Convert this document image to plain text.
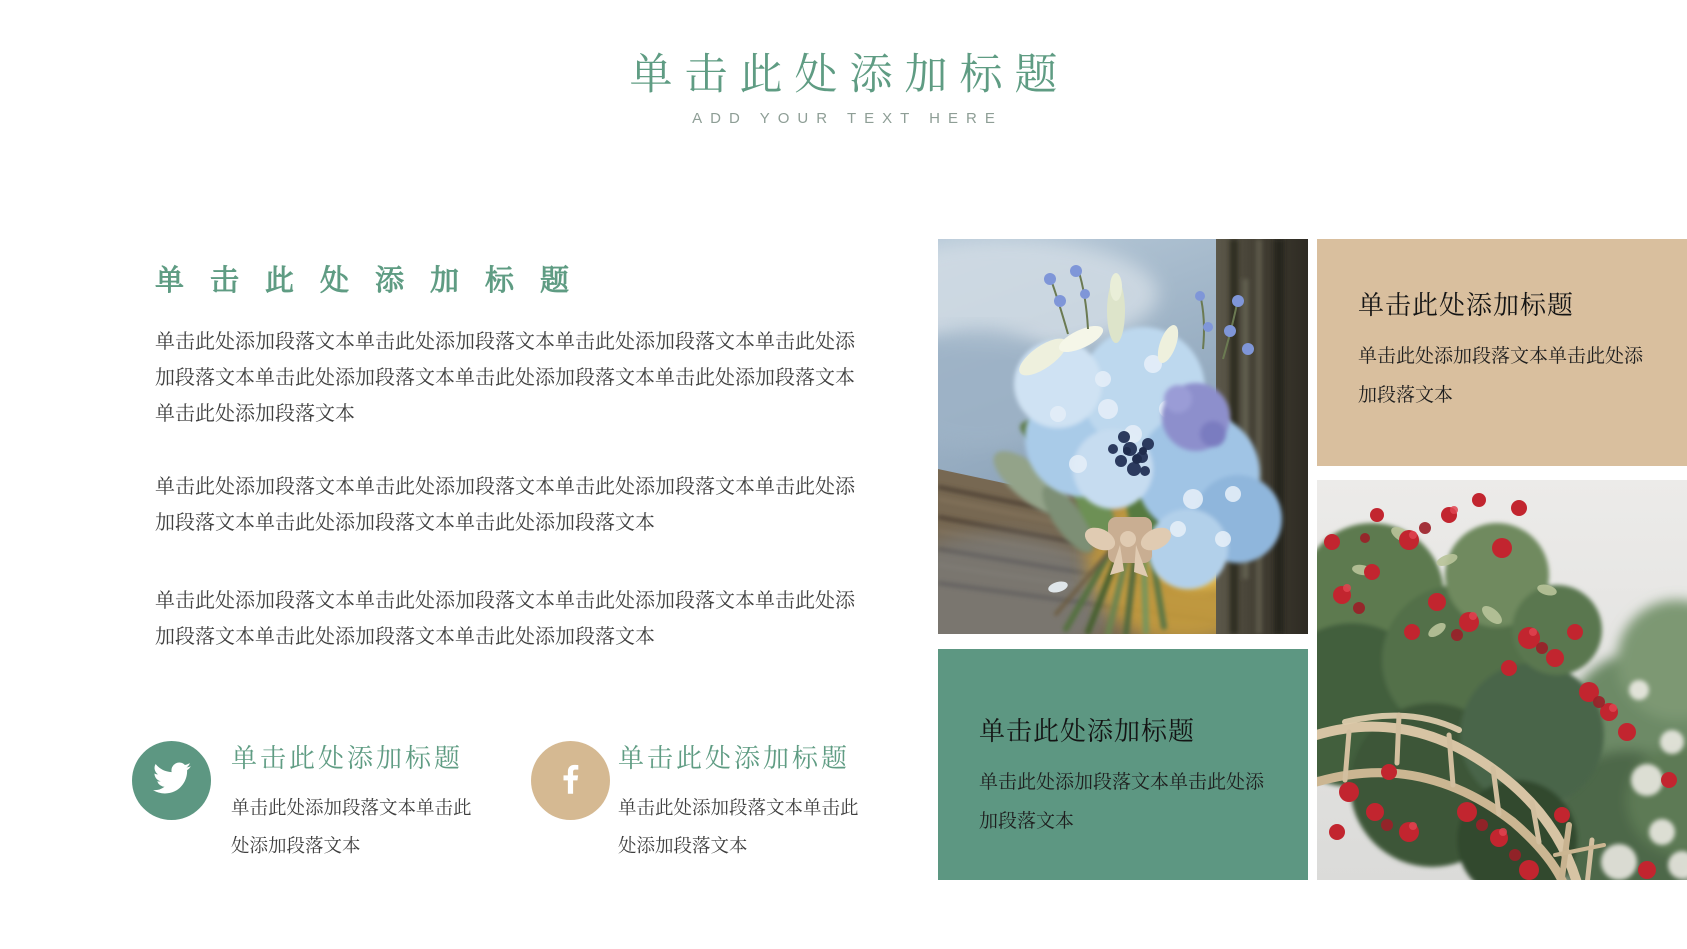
单击此处添加标题
ADD YOUR TEXT HERE
单击此处添加标题

单击此处添加段落文本单击此处添加段落文本单击此处添加段落文本单击此处添加段落文本单击此处添加段落文本单击此处添加段落文本单击此处添加段落文本单击此处添加段落文本

单击此处添加段落文本单击此处添加段落文本单击此处添加段落文本单击此处添加段落文本单击此处添加段落文本单击此处添加段落文本

单击此处添加段落文本单击此处添加段落文本单击此处添加段落文本单击此处添加段落文本单击此处添加段落文本单击此处添加段落文本

单击此处添加标题

单击此处添加段落文本单击此处添加段落文本

单击此处添加标题

单击此处添加段落文本单击此处添加段落文本

单击此处添加标题

单击此处添加段落文本单击此处添加段落文本

单击此处添加标题

单击此处添加段落文本单击此处添加段落文本
